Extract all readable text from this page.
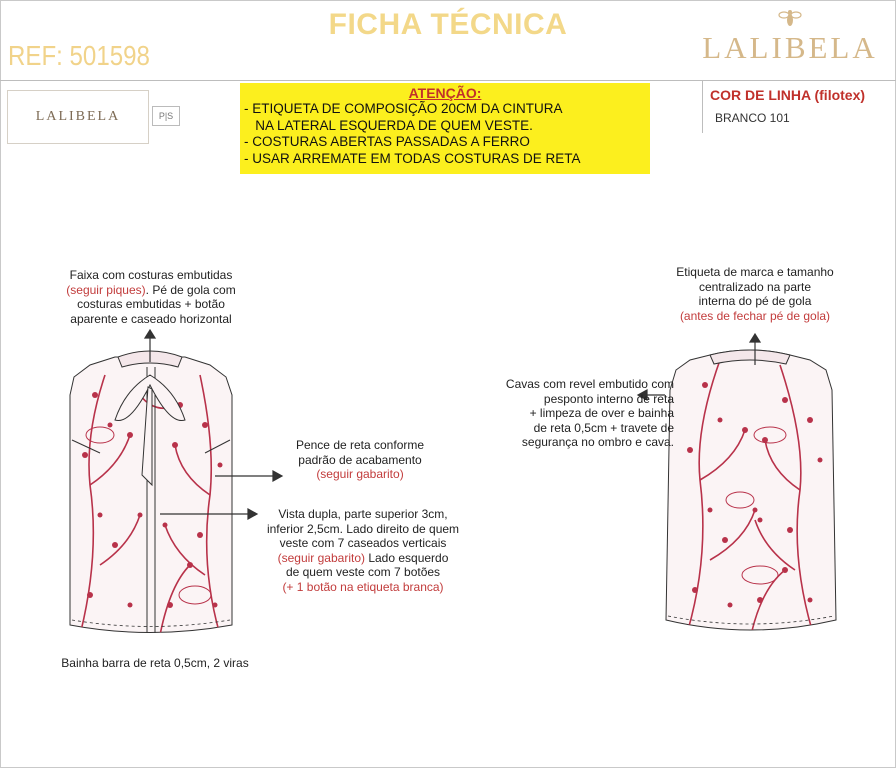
FICHA TÉCNICA
REF: 501598	LALIBELA
LALIBELA	P|S
ATENÇÃO:
- ETIQUETA DE COMPOSIÇÃO 20CM DA CINTURA
NA LATERAL ESQUERDA DE QUEM VESTE.
- COSTURAS ABERTAS PASSADAS A FERRO
- USAR ARREMATE EM TODAS COSTURAS DE RETA
COR DE LINHA (filotex)
BRANCO 101
Faixa com costuras embutidas
(seguir piques). Pé de gola com
costuras embutidas + botão
aparente e caseado horizontal
Pence de reta conforme
padrão de acabamento
(seguir gabarito)
Vista dupla, parte superior 3cm,
inferior 2,5cm. Lado direito de quem
veste com 7 caseados verticais
(seguir gabarito) Lado esquerdo
de quem veste com 7 botões
(+ 1 botão na etiqueta branca)
Bainha barra de reta 0,5cm, 2 viras
Etiqueta de marca e tamanho
centralizado na parte
interna do pé de gola
(antes de fechar pé de gola)
Cavas com revel embutido com
pesponto interno de reta
+ limpeza de over e bainha
de reta 0,5cm + travete de
segurança no ombro e cava.
